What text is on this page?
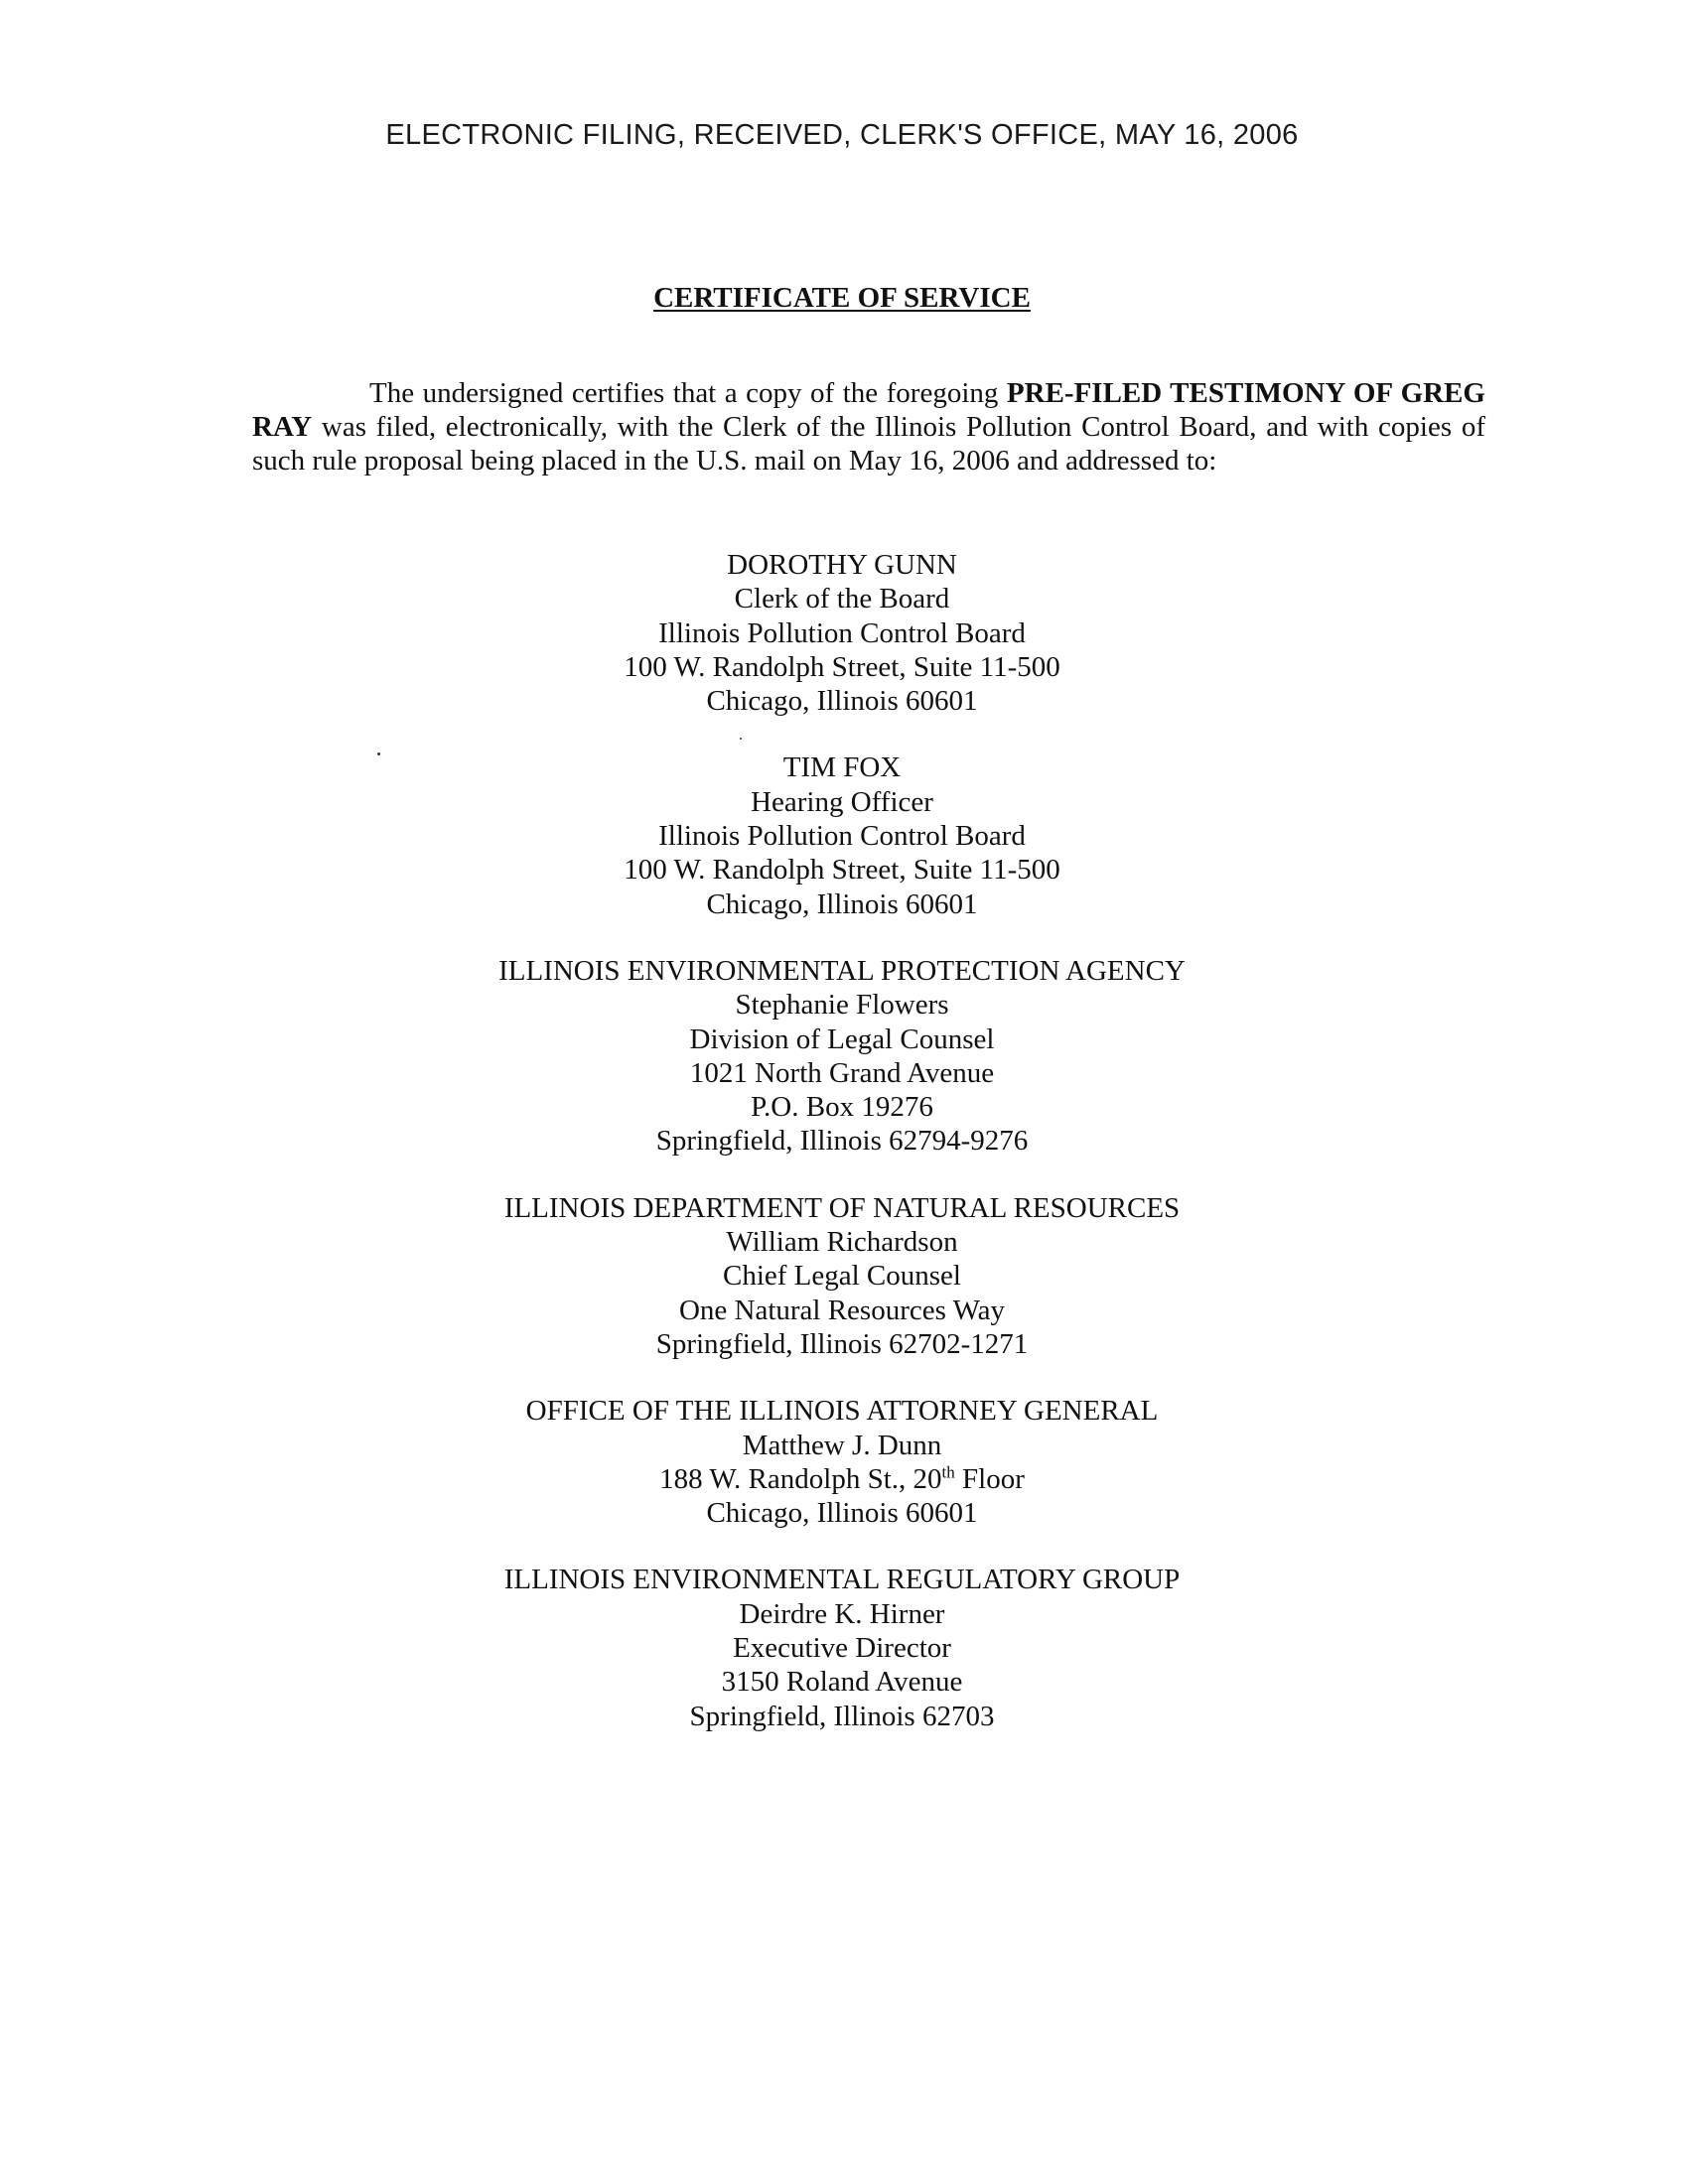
ELECTRONIC FILING, RECEIVED, CLERK'S OFFICE, MAY 16, 2006
CERTIFICATE OF SERVICE

The undersigned certifies that a copy of the foregoing PRE-FILED TESTIMONY OF GREG RAY was filed, electronically, with the Clerk of the Illinois Pollution Control Board, and with copies of such rule proposal being placed in the U.S. mail on May 16, 2006 and addressed to:

DOROTHY GUNN
Clerk of the Board
Illinois Pollution Control Board
100 W. Randolph Street, Suite 11-500
Chicago, Illinois 60601
TIM FOX
Hearing Officer
Illinois Pollution Control Board
100 W. Randolph Street, Suite 11-500
Chicago, Illinois 60601
ILLINOIS ENVIRONMENTAL PROTECTION AGENCY
Stephanie Flowers
Division of Legal Counsel
1021 North Grand Avenue
P.O. Box 19276
Springfield, Illinois 62794-9276
ILLINOIS DEPARTMENT OF NATURAL RESOURCES
William Richardson
Chief Legal Counsel
One Natural Resources Way
Springfield, Illinois 62702-1271
OFFICE OF THE ILLINOIS ATTORNEY GENERAL
Matthew J. Dunn
188 W. Randolph St., 20th Floor
Chicago, Illinois 60601
ILLINOIS ENVIRONMENTAL REGULATORY GROUP
Deirdre K. Hirner
Executive Director
3150 Roland Avenue
Springfield, Illinois 62703
